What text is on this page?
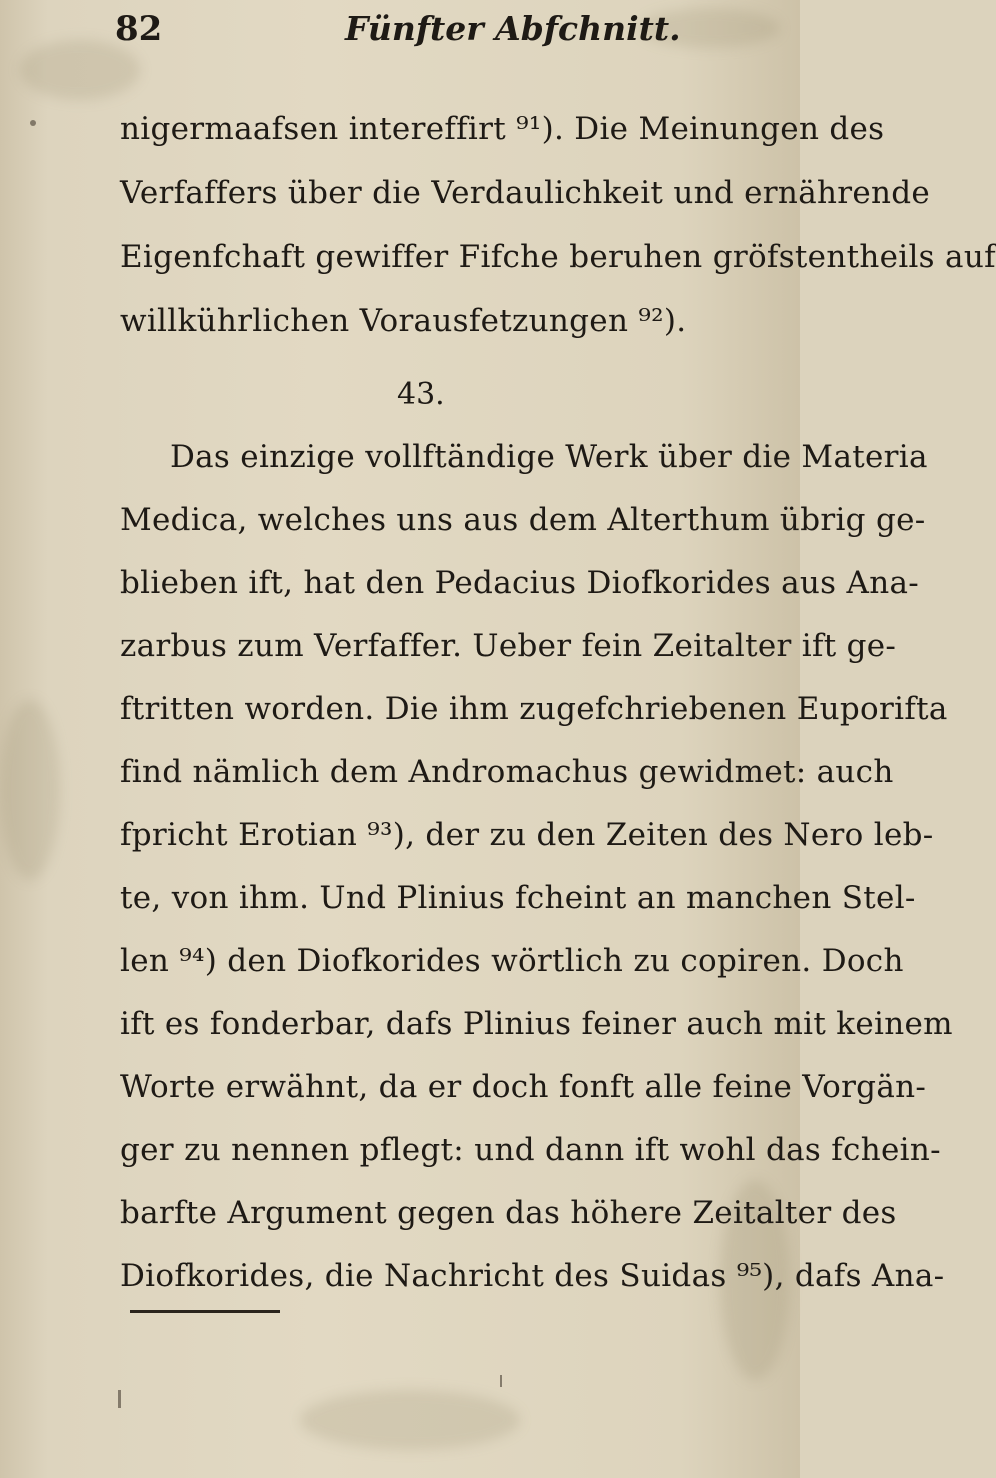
82	Fünfter Abfchnitt.
nigermaafsen intereffirt ⁹¹). Die Meinungen des
Verfaffers über die Verdaulichkeit und ernährende
Eigenfchaft gewiffer Fifche beruhen gröfstentheils auf
willkührlichen Vorausfetzungen ⁹²).
43.
Das einzige vollftändige Werk über die Materia
Medica, welches uns aus dem Alterthum übrig ge-
blieben ift, hat den Pedacius Diofkorides aus Ana-
zarbus zum Verfaffer. Ueber fein Zeitalter ift ge-
ftritten worden. Die ihm zugefchriebenen Euporifta
find nämlich dem Andromachus gewidmet: auch
fpricht Erotian ⁹³), der zu den Zeiten des Nero leb-
te, von ihm. Und Plinius fcheint an manchen Stel-
len ⁹⁴) den Diofkorides wörtlich zu copiren. Doch
ift es fonderbar, dafs Plinius feiner auch mit keinem
Worte erwähnt, da er doch fonft alle feine Vorgän-
ger zu nennen pflegt: und dann ift wohl das fchein-
barfte Argument gegen das höhere Zeitalter des
Diofkorides, die Nachricht des Suidas ⁹⁵), dafs Ana-
